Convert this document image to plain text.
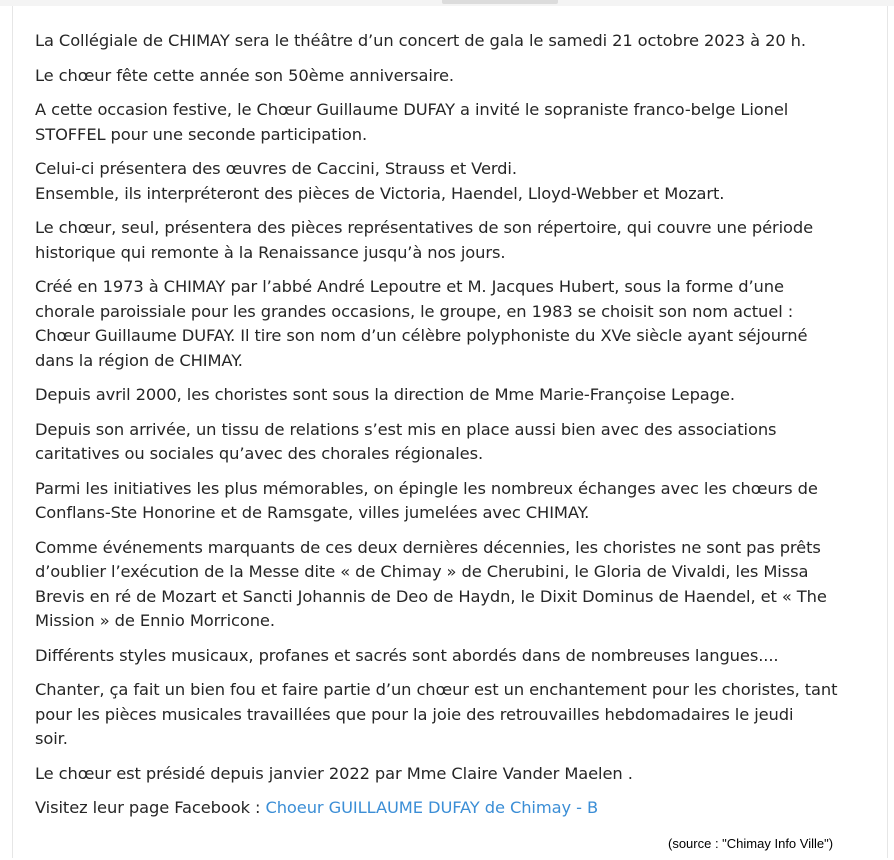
La Collégiale de CHIMAY sera le théâtre d’un concert de gala le samedi 21 octobre 2023 à 20 h.
Le chœur fête cette année son 50ème anniversaire.
A cette occasion festive, le Chœur Guillaume DUFAY a invité le sopraniste franco-belge Lionel
STOFFEL pour une seconde participation.
Celui-ci présentera des œuvres de Caccini, Strauss et Verdi.
Ensemble, ils interpréteront des pièces de Victoria, Haendel, Lloyd-Webber et Mozart.
Le chœur, seul, présentera des pièces représentatives de son répertoire, qui couvre une période
historique qui remonte à la Renaissance jusqu’à nos jours.
Créé en 1973 à CHIMAY par l’abbé André Lepoutre et M. Jacques Hubert, sous la forme d’une
chorale paroissiale pour les grandes occasions, le groupe, en 1983 se choisit son nom actuel :
Chœur Guillaume DUFAY. Il tire son nom d’un célèbre polyphoniste du XVe siècle ayant séjourné
dans la région de CHIMAY.
Depuis avril 2000, les choristes sont sous la direction de Mme Marie-Françoise Lepage.
Depuis son arrivée, un tissu de relations s’est mis en place aussi bien avec des associations
caritatives ou sociales qu’avec des chorales régionales.
Parmi les initiatives les plus mémorables, on épingle les nombreux échanges avec les chœurs de
Conflans-Ste Honorine et de Ramsgate, villes jumelées avec CHIMAY.
Comme événements marquants de ces deux dernières décennies, les choristes ne sont pas prêts
d’oublier l’exécution de la Messe dite « de Chimay » de Cherubini, le Gloria de Vivaldi, les Missa
Brevis en ré de Mozart et Sancti Johannis de Deo de Haydn, le Dixit Dominus de Haendel, et « The
Mission » de Ennio Morricone.
Différents styles musicaux, profanes et sacrés sont abordés dans de nombreuses langues....
Chanter, ça fait un bien fou et faire partie d’un chœur est un enchantement pour les choristes, tant
pour les pièces musicales travaillées que pour la joie des retrouvailles hebdomadaires le jeudi
soir.
Le chœur est présidé depuis janvier 2022 par Mme Claire Vander Maelen .
Visitez leur page Facebook : Choeur GUILLAUME DUFAY de Chimay - B
(source : "Chimay Info Ville")
